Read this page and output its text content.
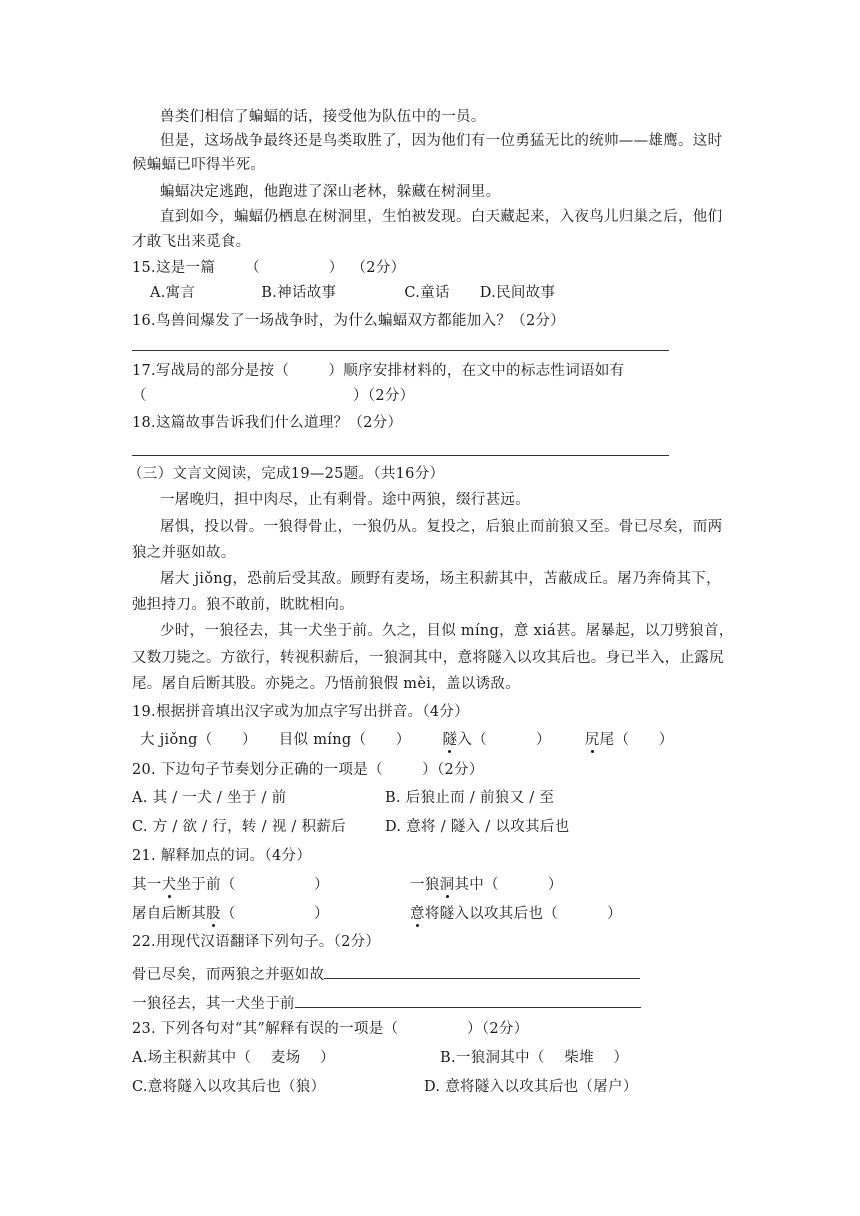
兽类们相信了蝙蝠的话，接受他为队伍中的一员。
但是，这场战争最终还是鸟类取胜了，因为他们有一位勇猛无比的统帅——雄鹰。这时
候蝙蝠已吓得半死。
蝙蝠决定逃跑，他跑进了深山老林，躲藏在树洞里。
直到如今，蝙蝠仍栖息在树洞里，生怕被发现。白天藏起来，入夜鸟儿归巢之后，他们
才敢飞出来觅食。
15.这是一篇 （              ） （2分）
A.寓言	B.神话故事	C.童话 D.民间故事
16.鸟兽间爆发了一场战争时，为什么蝙蝠双方都能加入？（2分）
17.写战局的部分是按（        ）顺序安排材料的，在文中的标志性词语如有
（                                          ）（2分）
18.这篇故事告诉我们什么道理？（2分）
（三）文言文阅读，完成19—25题。（共16分）
一屠晚归，担中肉尽，止有剩骨。途中两狼，缀行甚远。
屠惧，投以骨。一狼得骨止，一狼仍从。复投之，后狼止而前狼又至。骨已尽矣，而两
狼之并驱如故。
屠大 jiǒng，恐前后受其敌。顾野有麦场，场主积薪其中，苫蔽成丘。屠乃奔倚其下，
弛担持刀。狼不敢前，眈眈相向。
少时，一狼径去，其一犬坐于前。久之，目似 míng，意 xiá甚。屠暴起，以刀劈狼首，
又数刀毙之。方欲行，转视积薪后，一狼洞其中，意将隧入以攻其后也。身已半入，止露尻
尾。屠自后断其股。亦毙之。乃悟前狼假 mèi，盖以诱敌。
19.根据拼音填出汉字或为加点字写出拼音。（4分）
大 jiǒng（      ） 目似 míng（      ） 隧入（          ） 尻尾（      ）
20. 下边句子节奏划分正确的一项是（        ）（2分）
A. 其 / 一犬 / 坐于 / 前	B. 后狼止而 / 前狼又 / 至
C. 方 / 欲 / 行，转 / 视 / 积薪后	D. 意将 / 隧入 / 以攻其后也
21. 解释加点的词。（4分）
其一犬坐于前（                ）	一狼洞其中（          ）
屠自后断其股（                ）	意将隧入以攻其后也（          ）
22.用现代汉语翻译下列句子。（2分）
骨已尽矣，而两狼之并驱如故
一狼径去，其一犬坐于前
23. 下列各句对“其”解释有误的一项是（              ）（2分）
A.场主积薪其中（    麦场    ）	B.一狼洞其中（    柴堆    ）
C.意将隧入以攻其后也（狼）	D. 意将隧入以攻其后也（屠户）
